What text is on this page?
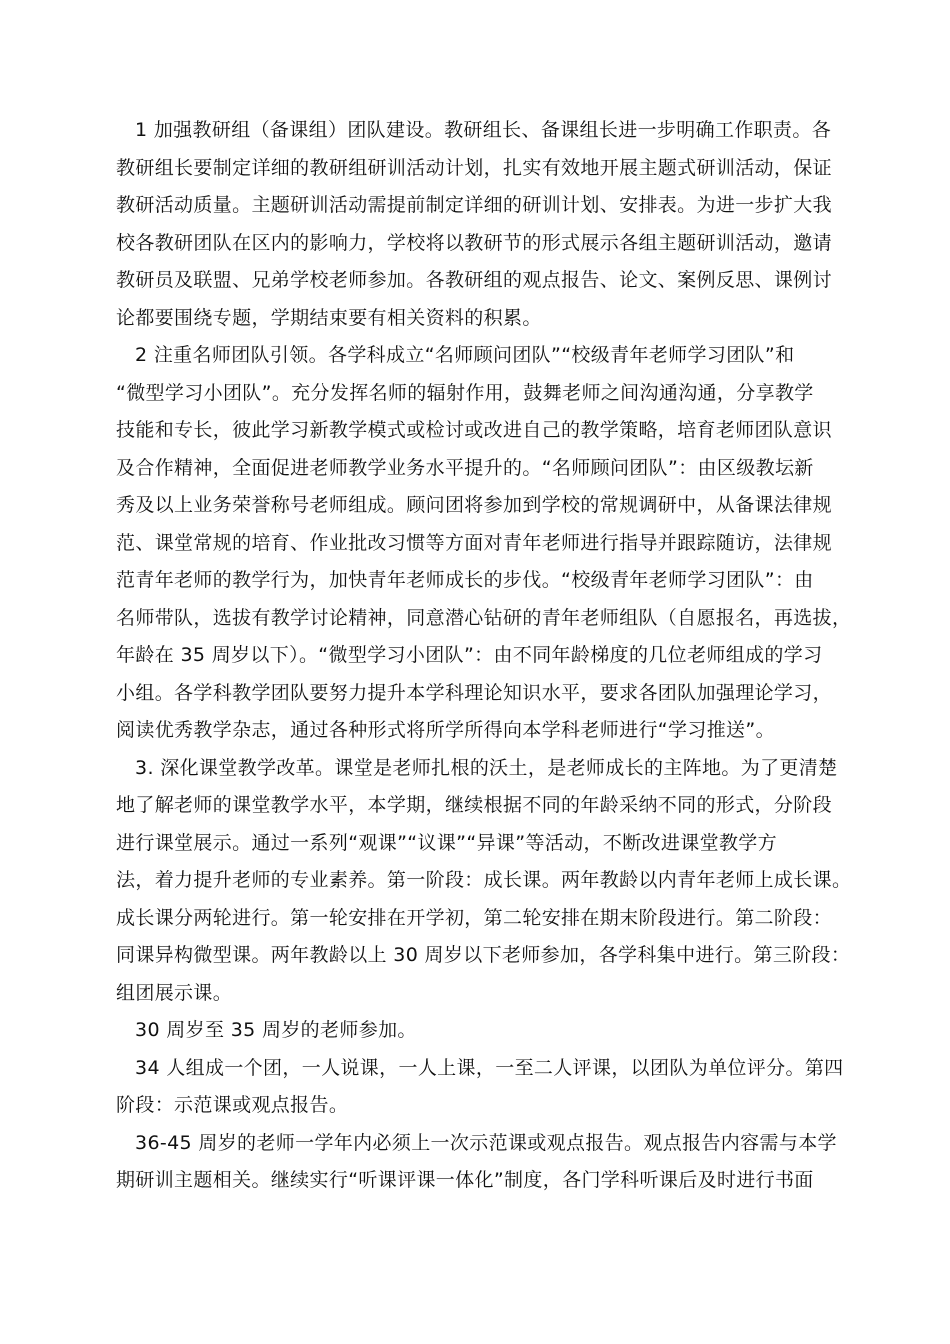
1 加强教研组（备课组）团队建设。教研组长、备课组长进一步明确工作职责。各
教研组长要制定详细的教研组研训活动计划，扎实有效地开展主题式研训活动，保证
教研活动质量。主题研训活动需提前制定详细的研训计划、安排表。为进一步扩大我
校各教研团队在区内的影响力，学校将以教研节的形式展示各组主题研训活动，邀请
教研员及联盟、兄弟学校老师参加。各教研组的观点报告、论文、案例反思、课例讨
论都要围绕专题，学期结束要有相关资料的积累。
2 注重名师团队引领。各学科成立“名师顾问团队”“校级青年老师学习团队”和
“微型学习小团队”。充分发挥名师的辐射作用，鼓舞老师之间沟通沟通，分享教学
技能和专长，彼此学习新教学模式或检讨或改进自己的教学策略，培育老师团队意识
及合作精神，全面促进老师教学业务水平提升的。“名师顾问团队”：由区级教坛新
秀及以上业务荣誉称号老师组成。顾问团将参加到学校的常规调研中，从备课法律规
范、课堂常规的培育、作业批改习惯等方面对青年老师进行指导并跟踪随访，法律规
范青年老师的教学行为，加快青年老师成长的步伐。“校级青年老师学习团队”：由
名师带队，选拔有教学讨论精神，同意潜心钻研的青年老师组队（自愿报名，再选拔，
年龄在 35 周岁以下）。“微型学习小团队”：由不同年龄梯度的几位老师组成的学习
小组。各学科教学团队要努力提升本学科理论知识水平，要求各团队加强理论学习，
阅读优秀教学杂志，通过各种形式将所学所得向本学科老师进行“学习推送”。
3. 深化课堂教学改革。课堂是老师扎根的沃土，是老师成长的主阵地。为了更清楚
地了解老师的课堂教学水平，本学期，继续根据不同的年龄采纳不同的形式，分阶段
进行课堂展示。通过一系列“观课”“议课”“异课”等活动，不断改进课堂教学方
法，着力提升老师的专业素养。第一阶段：成长课。两年教龄以内青年老师上成长课。
成长课分两轮进行。第一轮安排在开学初，第二轮安排在期末阶段进行。第二阶段：
同课异构微型课。两年教龄以上 30 周岁以下老师参加，各学科集中进行。第三阶段：
组团展示课。
30 周岁至 35 周岁的老师参加。
34 人组成一个团，一人说课，一人上课，一至二人评课，以团队为单位评分。第四
阶段：示范课或观点报告。
36-45 周岁的老师一学年内必须上一次示范课或观点报告。观点报告内容需与本学
期研训主题相关。继续实行“听课评课一体化”制度，各门学科听课后及时进行书面
